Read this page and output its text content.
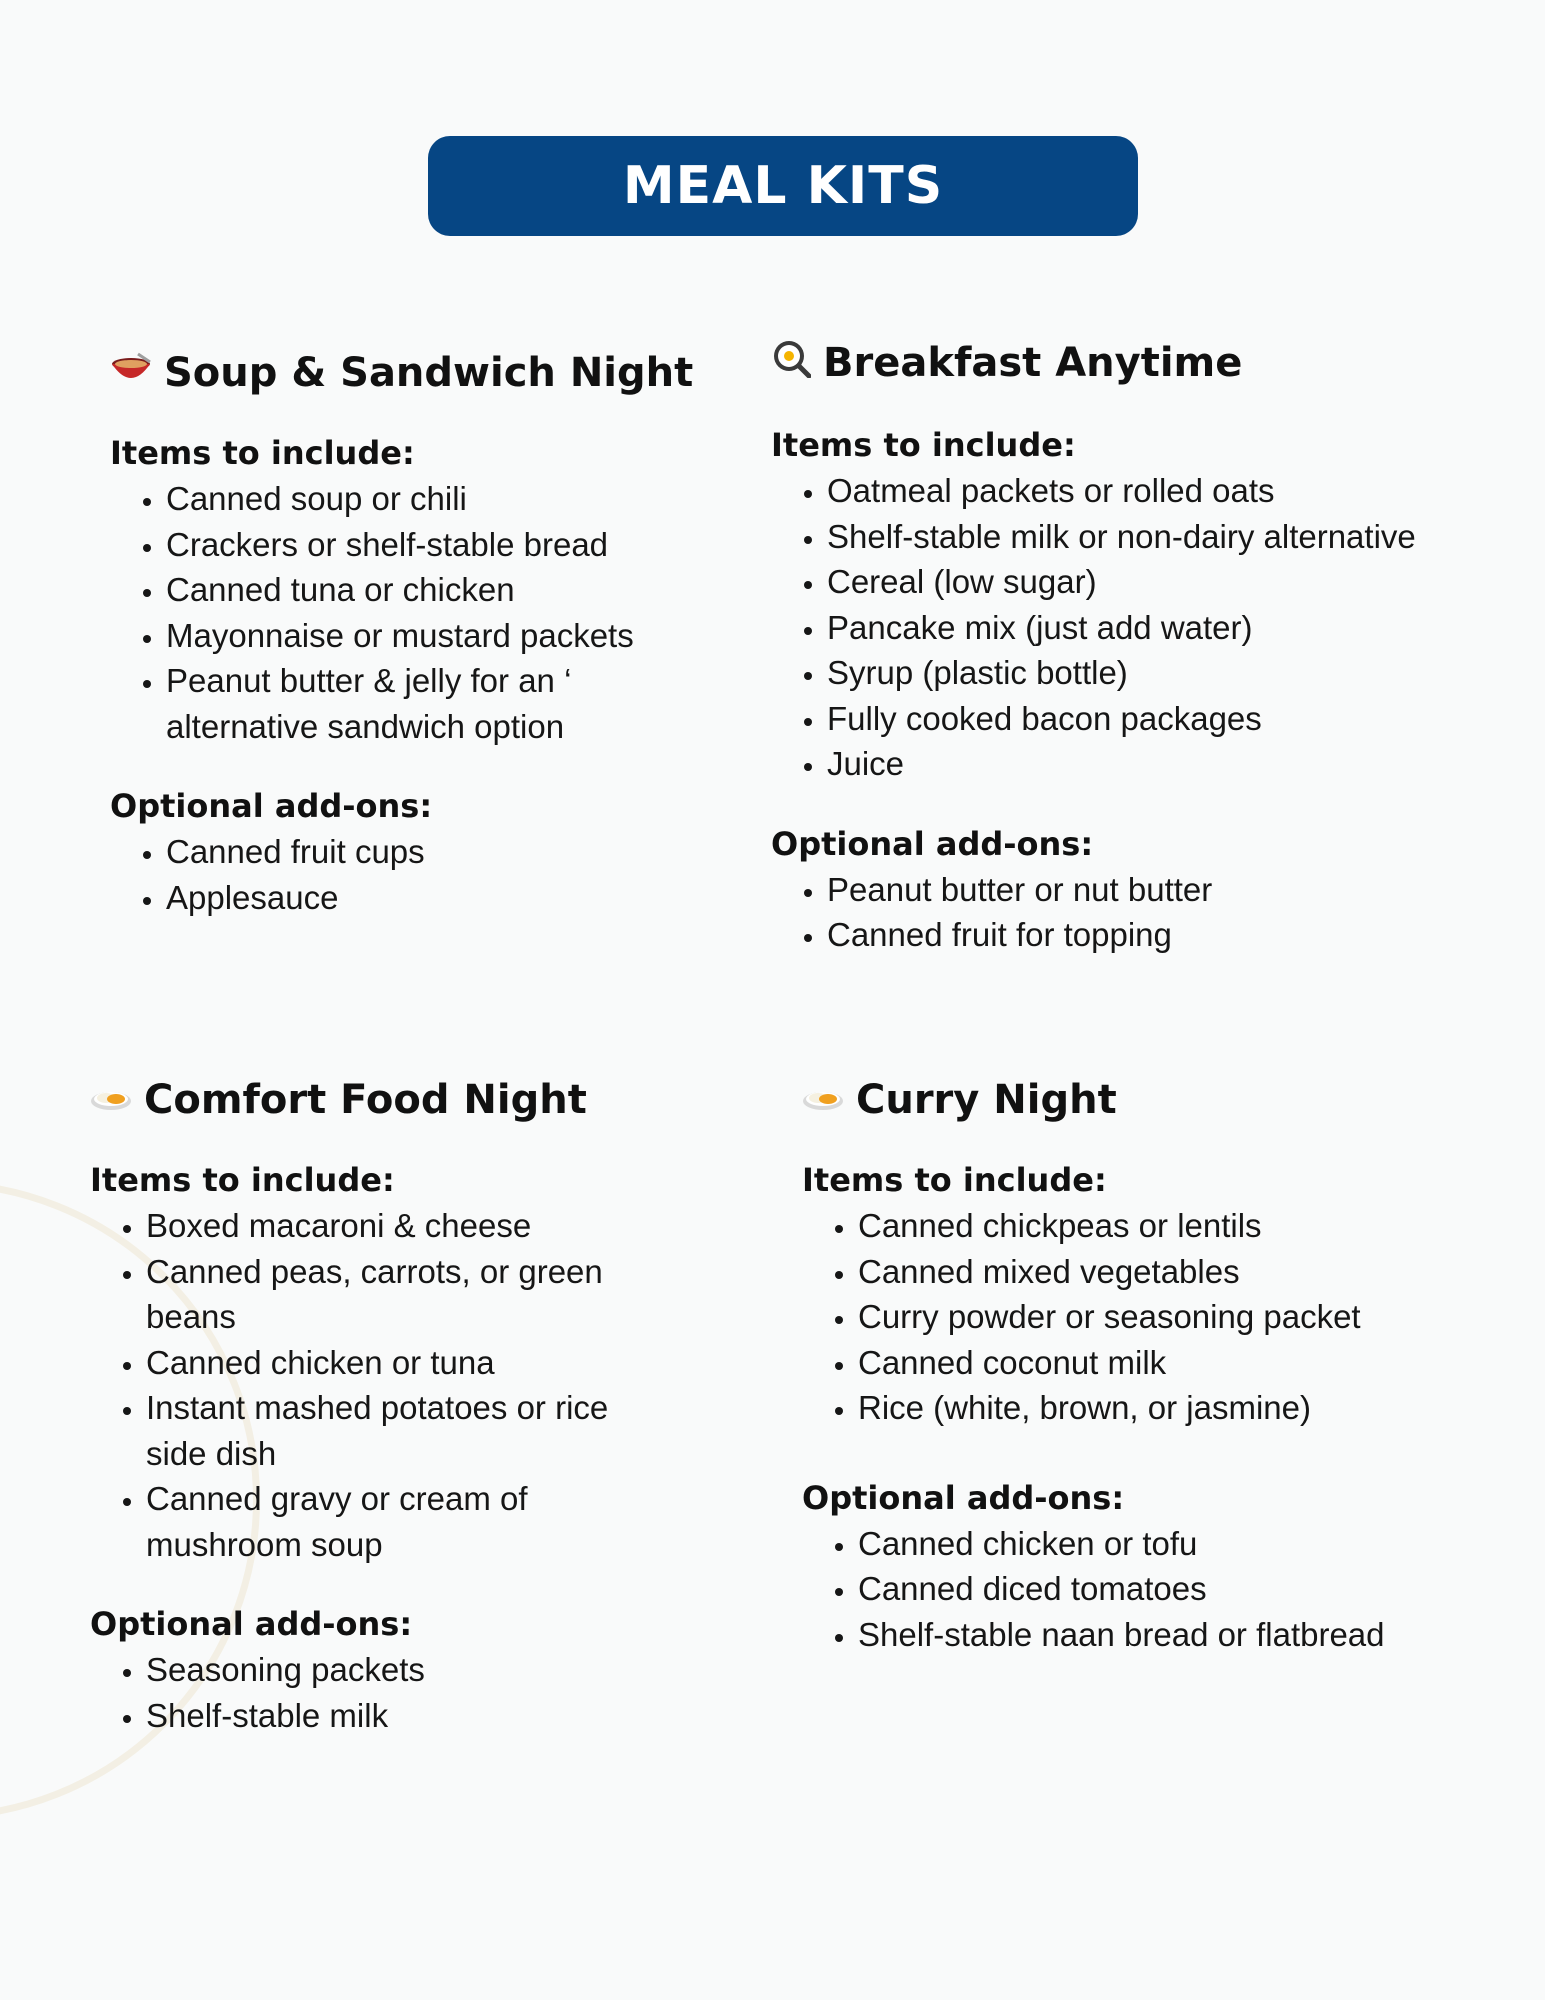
MEAL KITS
Soup & Sandwich Night

Items to include:

• Canned soup or chili
• Crackers or shelf-stable bread
• Canned tuna or chicken
• Mayonnaise or mustard packets
• Peanut butter & jelly for an ‘ alternative sandwich option

Optional add-ons:

• Canned fruit cups
• Applesauce
Breakfast Anytime

Items to include:

• Oatmeal packets or rolled oats
• Shelf-stable milk or non-dairy alternative
• Cereal (low sugar)
• Pancake mix (just add water)
• Syrup (plastic bottle)
• Fully cooked bacon packages
• Juice

Optional add-ons:

• Peanut butter or nut butter
• Canned fruit for topping
Comfort Food Night

Items to include:

• Boxed macaroni & cheese
• Canned peas, carrots, or green beans
• Canned chicken or tuna
• Instant mashed potatoes or rice side dish
• Canned gravy or cream of mushroom soup

Optional add-ons:

• Seasoning packets
• Shelf-stable milk
Curry Night

Items to include:

• Canned chickpeas or lentils
• Canned mixed vegetables
• Curry powder or seasoning packet
• Canned coconut milk
• Rice (white, brown, or jasmine)

Optional add-ons:

• Canned chicken or tofu
• Canned diced tomatoes
• Shelf-stable naan bread or flatbread
